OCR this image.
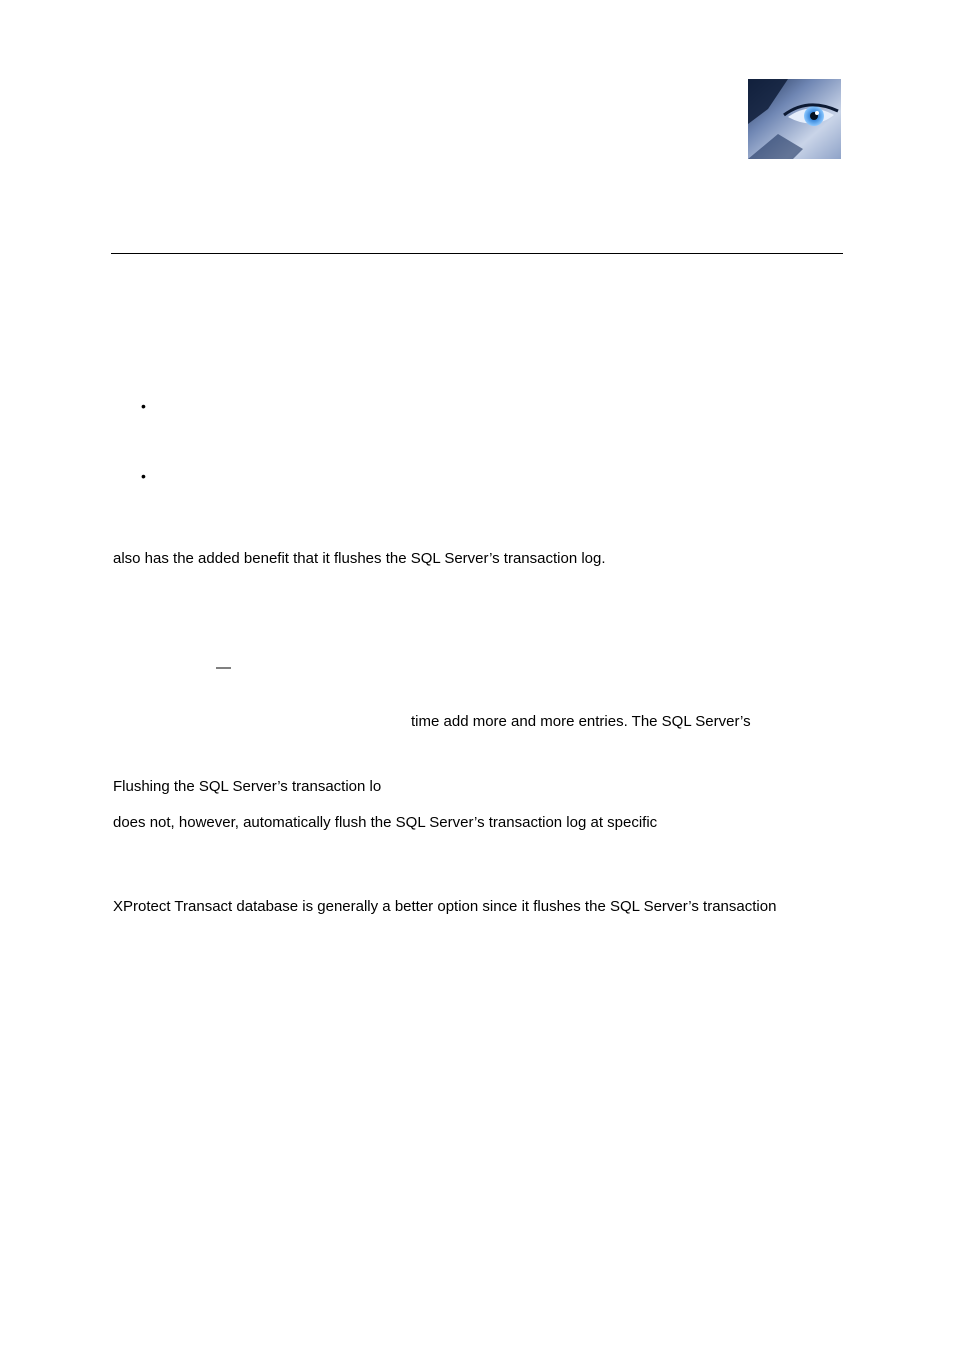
•
•
also has the added benefit that it flushes the SQL Server’s transaction log.
—
time add more and more entries. The SQL Server’s
Flushing the SQL Server’s transaction lo
does not, however, automatically flush the SQL Server’s transaction log at specific
XProtect Transact database is generally a better option since it flushes the SQL Server’s transaction
